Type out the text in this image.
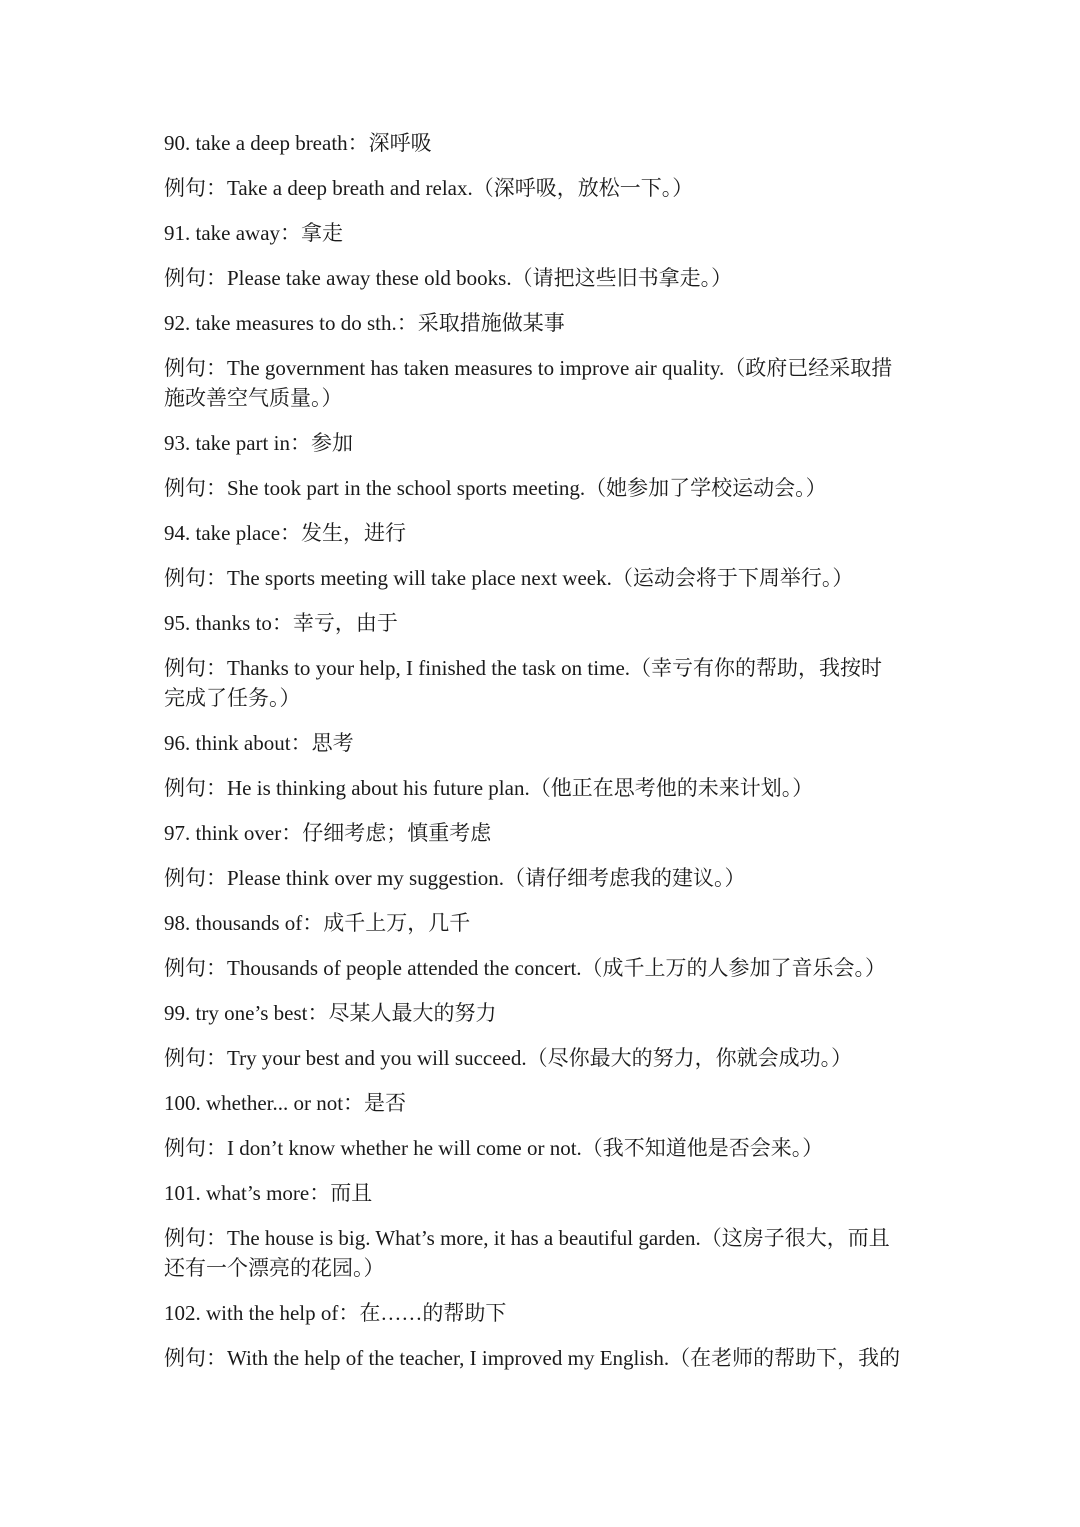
90. take a deep breath：深呼吸

例句：Take a deep breath and relax.（深呼吸，放松一下。）

91. take away：拿走

例句：Please take away these old books.（请把这些旧书拿走。）

92. take measures to do sth.：采取措施做某事

例句：The government has taken measures to improve air quality.（政府已经采取措

施改善空气质量。）

93. take part in：参加

例句：She took part in the school sports meeting.（她参加了学校运动会。）

94. take place：发生，进行

例句：The sports meeting will take place next week.（运动会将于下周举行。）

95. thanks to：幸亏，由于

例句：Thanks to your help, I finished the task on time.（幸亏有你的帮助，我按时

完成了任务。）

96. think about：思考

例句：He is thinking about his future plan.（他正在思考他的未来计划。）

97. think over：仔细考虑；慎重考虑

例句：Please think over my suggestion.（请仔细考虑我的建议。）

98. thousands of：成千上万，几千

例句：Thousands of people attended the concert.（成千上万的人参加了音乐会。）

99. try one’s best：尽某人最大的努力

例句：Try your best and you will succeed.（尽你最大的努力，你就会成功。）

100. whether... or not：是否

例句：I don’t know whether he will come or not.（我不知道他是否会来。）

101. what’s more：而且

例句：The house is big. What’s more, it has a beautiful garden.（这房子很大，而且

还有一个漂亮的花园。）

102. with the help of：在……的帮助下

例句：With the help of the teacher, I improved my English.（在老师的帮助下，我的
